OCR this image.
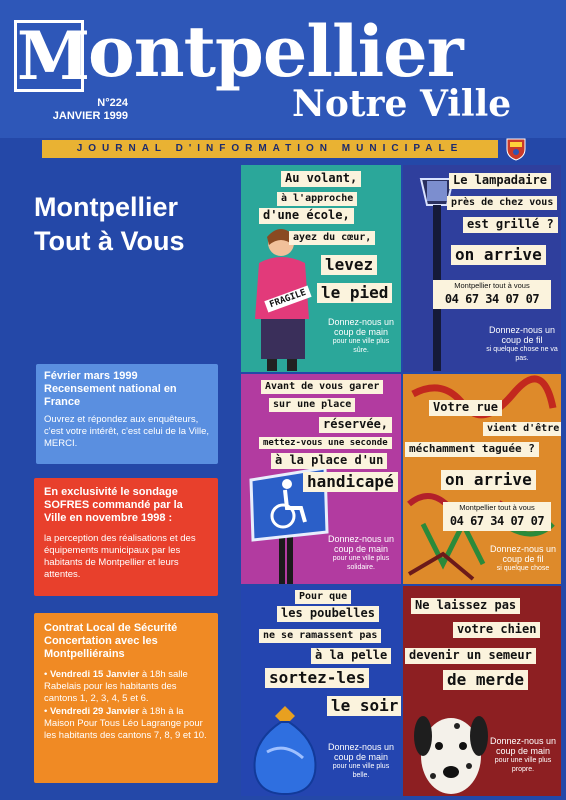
M
ontpellier
N°224
JANVIER 1999	Notre Ville
JOURNAL D'INFORMATION MUNICIPALE
Montpellier
Tout à Vous
Février mars 1999 Recensement national en France
Ouvrez et répondez aux enquêteurs, c'est votre intérêt, c'est celui de la Ville, MERCI.
En exclusivité le sondage SOFRES commandé par la Ville en novembre 1998 :
la perception des réalisations et des équipements municipaux par les habitants de Montpellier et leurs attentes.
Contrat Local de Sécurité Concertation avec les Montpelliérains
• Vendredi 15 Janvier à 18h salle Rabelais pour les habitants des cantons 1, 2, 3, 4, 5 et 6.
• Vendredi 29 Janvier à 18h à la Maison Pour Tous Léo Lagrange pour les habitants des cantons 7, 8, 9 et 10.
FRAGILE
Au volant,
à l'approche
d'une école,
ayez du cœur,
levez
le pied
Donnez-nous un coup de main
pour une ville plus sûre.
Le lampadaire
près de chez vous
est grillé ?
on arrive
Montpellier tout à vous
04 67 34 07 07
Donnez-nous un coup de fil
si quelque chose ne va pas.
Avant de vous garer
sur une place
réservée,
mettez-vous une seconde
à la place d'un
handicapé
Donnez-nous un coup de main
pour une ville plus solidaire.
Votre rue
vient d'être
méchamment taguée ?
on arrive
Montpellier tout à vous
04 67 34 07 07
Donnez-nous un coup de fil
si quelque chose
Pour que
les poubelles
ne se ramassent pas
à la pelle
sortez-les
le soir
Donnez-nous un coup de main
pour une ville plus belle.
Ne laissez pas
votre chien
devenir un semeur
de merde
Donnez-nous un coup de main
pour une ville plus propre.
